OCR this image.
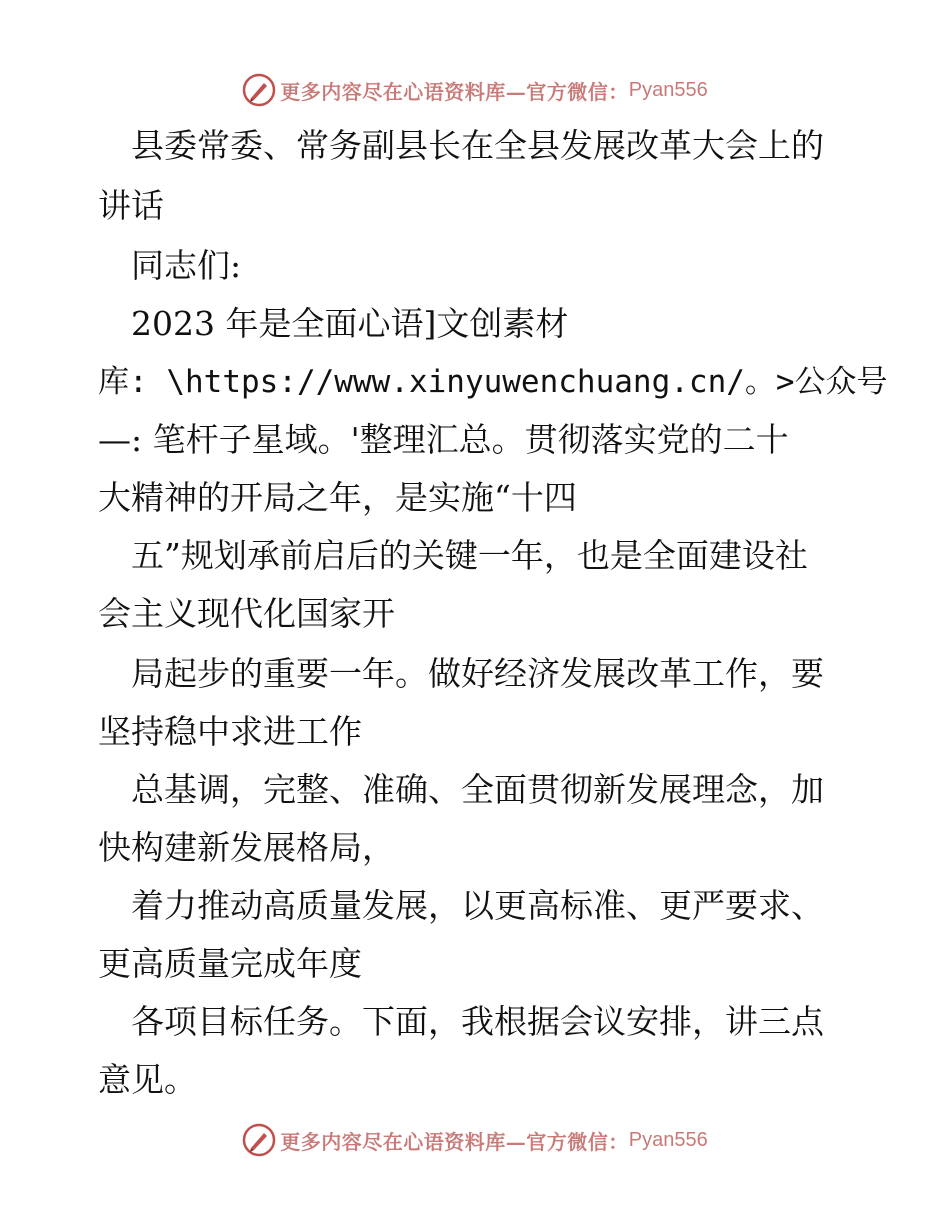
更多内容尽在心语资料库—官方微信： Pyan556
　县委常委、常务副县长在全县发展改革大会上的
讲话
　同志们:
　2023 年是全面心语]文创素材
库: \https://www.xinyuwenchuang.cn/。>公众号
—: 笔杆子星域。'整理汇总。贯彻落实党的二十
大精神的开局之年，是实施“十四
　五”规划承前启后的关键一年，也是全面建设社
会主义现代化国家开
　局起步的重要一年。做好经济发展改革工作，要
坚持稳中求进工作
　总基调，完整、准确、全面贯彻新发展理念，加
快构建新发展格局，
　着力推动高质量发展，以更高标准、更严要求、
更高质量完成年度
　各项目标任务。下面，我根据会议安排，讲三点
意见。
更多内容尽在心语资料库—官方微信： Pyan556
